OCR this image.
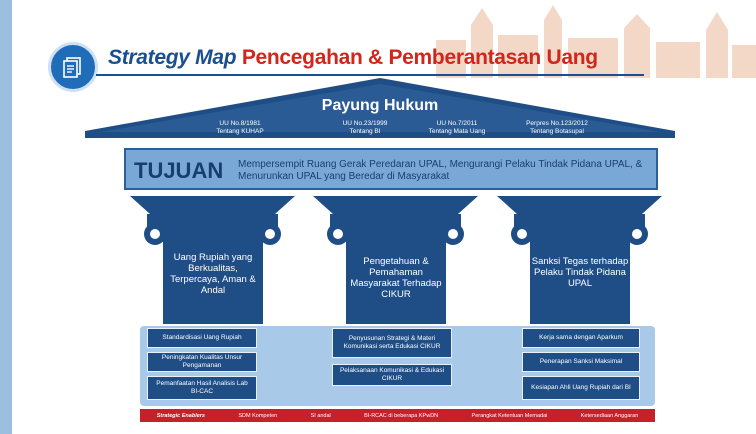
Strategy Map Pencegahan & Pemberantasan Uang
Payung Hukum
UU No.8/1981
Tentang KUHAP
UU No.23/1999
Tentang BI
UU No.7/2011
Tentang Mata Uang
Perpres No.123/2012
Tentang Botasupal
TUJUAN Mempersempit Ruang Gerak Peredaran UPAL, Mengurangi Pelaku Tindak Pidana UPAL, & Menurunkan UPAL yang Beredar di Masyarakat
Uang Rupiah yang Berkualitas, Terpercaya, Aman & Andal
Pengetahuan & Pemahaman Masyarakat Terhadap CIKUR
Sanksi Tegas terhadap Pelaku Tindak Pidana UPAL
Standardisasi Uang Rupiah
Peningkatan Kualitas Unsur Pengamanan
Pemanfaatan Hasil Analisis Lab BI-CAC
Penyusunan Strategi & Materi Komunikasi serta Edukasi CIKUR
Pelaksanaan Komunikasi & Edukasi CIKUR
Kerja sama dengan Aparkum
Penerapan Sanksi Maksimal
Kesiapan Ahli Uang Rupiah dari BI
Strategic Enablers	SDM Kompeten	SI andal	BI-RCAC di beberapa KPwDN	Perangkat Ketentuan Memadai	Ketersediaan Anggaran
